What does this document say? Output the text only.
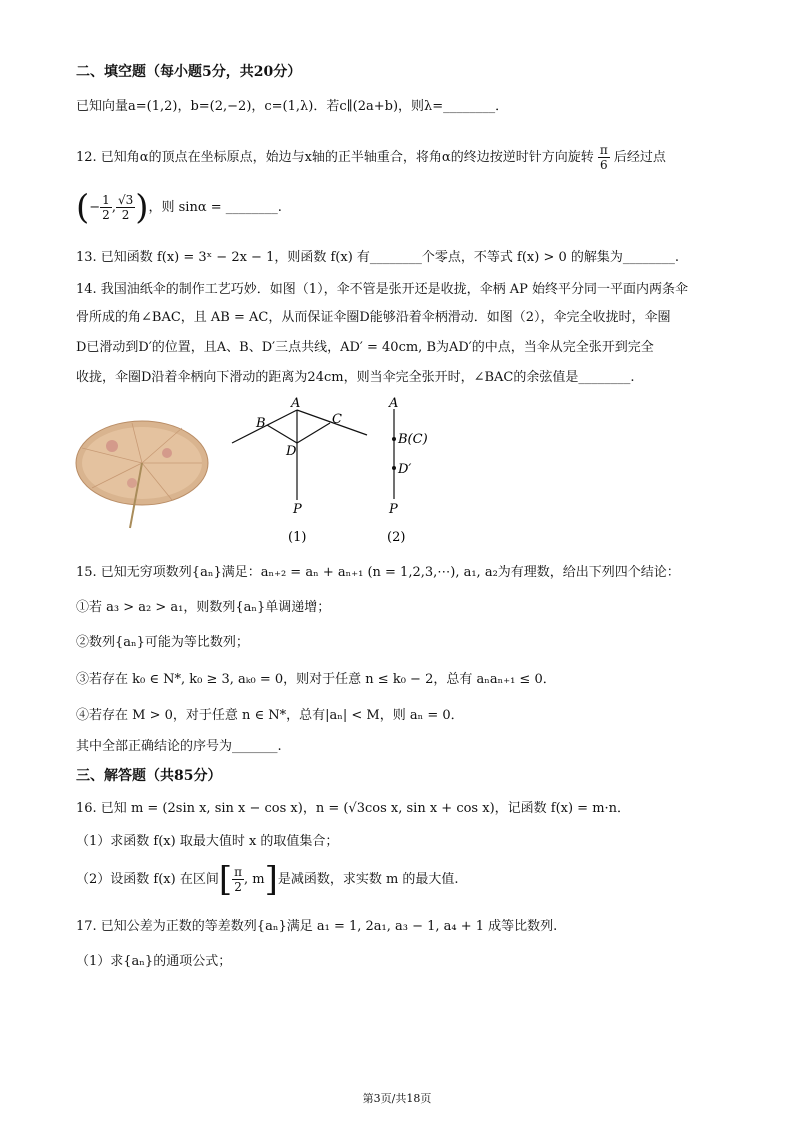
二、填空题（每小题5分，共20分）
已知向量a=(1,2)，b=(2,−2)，c=(1,λ)．若c∥(2a+b)，则λ=________．
12. 已知角α的顶点在坐标原点，始边与x轴的正半轴重合，将角α的终边按逆时针方向旋转 $\frac{\pi}{6}$ 后经过点
(− $\frac{1}{2}$ , $\frac{√3}{2}$ )，则 sinα = ________.
13. 已知函数 f(x) = 3ˣ − 2x − 1，则函数 f(x) 有________个零点，不等式 f(x) > 0 的解集为________.
14. 我国油纸伞的制作工艺巧妙．如图（1），伞不管是张开还是收拢，伞柄 AP 始终平分同一平面内两条伞
骨所成的角∠BAC，且 AB = AC，从而保证伞圈D能够沿着伞柄滑动．如图（2），伞完全收拢时，伞圈
D已滑动到D′的位置，且A、B、D′三点共线，AD′ = 40cm, B为AD′的中点，当伞从完全张开到完全
收拢，伞圈D沿着伞柄向下滑动的距离为24cm，则当伞完全张开时，∠BAC的余弦值是________.
A
B	C
D
P
(1)
A
B(C)
D′
P
(2)
15. 已知无穷项数列{aₙ}满足：aₙ₊₂ = aₙ + aₙ₊₁ (n = 1,2,3,⋯), a₁, a₂为有理数，给出下列四个结论：
①若 a₃ > a₂ > a₁，则数列{aₙ}单调递增；
②数列{aₙ}可能为等比数列；
③若存在 k₀ ∈ N*, k₀ ≥ 3, aₖ₀ = 0，则对于任意 n ≤ k₀ − 2，总有 aₙaₙ₊₁ ≤ 0．
④若存在 M > 0，对于任意 n ∈ N*，总有|aₙ| < M，则 aₙ = 0．
其中全部正确结论的序号为_______.
三、解答题（共85分）
16. 已知 m = (2sin x, sin x − cos x)，n = (√3cos x, sin x + cos x)，记函数 f(x) = m·n．
（1）求函数 f(x) 取最大值时 x 的取值集合；
（2）设函数 f(x) 在区间[ $\frac{\pi}{2}$ , m]是减函数，求实数 m 的最大值.
17. 已知公差为正数的等差数列{aₙ}满足 a₁ = 1, 2a₁, a₃ − 1, a₄ + 1 成等比数列.
（1）求{aₙ}的通项公式；
第3页/共18页
